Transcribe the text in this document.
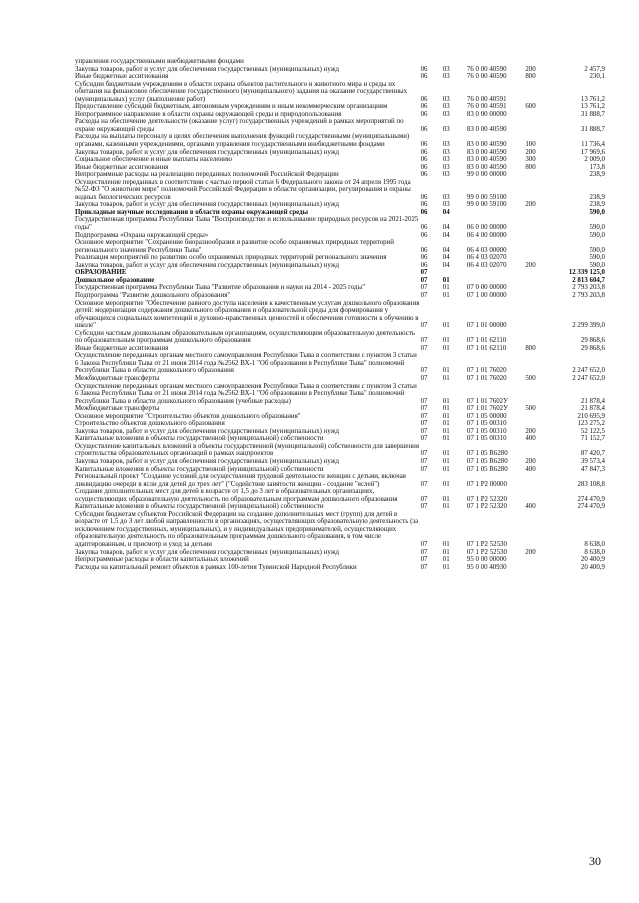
управления государственными внебюджетными фондами					
Закупка товаров, работ и услуг для обеспечения государственных (муниципальных) нужд	06	03	76 0 00 40590	200	2 457,9
Иные бюджетные ассигнования	06	03	76 0 00 40590	800	230,1
Субсидии бюджетным учреждениям в области охраны объектов растительного и животного мира и среды их обитания на финансовое обеспечение государственного (муниципального) задания на оказание государственных (муниципальных) услуг (выполнение работ)	06	03	76 0 00 40591		13 761,2
Предоставление субсидий бюджетным, автономным учреждениям и иным некоммерческим организациям	06	03	76 0 00 40591	600	13 761,2
Непрограммное направление в области охраны окружающей среды и природопользования	06	03	83 0 00 00000		31 888,7
Расходы на обеспечение деятельности (оказание услуг) государственных учреждений в рамках мероприятий по охране окружающей среды	06	03	83 0 00 40590		31 888,7
Расходы на выплаты персоналу в целях обеспечения выполнения функций государственными (муниципальными) органами, казенными учреждениями, органами управления государственными внебюджетными фондами	06	03	83 0 00 40590	100	11 736,4
Закупка товаров, работ и услуг для обеспечения государственных (муниципальных) нужд	06	03	83 0 00 40590	200	17 969,6
Социальное обеспечение и иные выплаты населению	06	03	83 0 00 40590	300	2 009,0
Иные бюджетные ассигнования	06	03	83 0 00 40590	800	173,8
Непрограммные расходы на реализацию переданных полномочий Российской Федерации	06	03	99 0 00 00000		238,9
Осуществление переданных в соответствии с частью первой статьи 6 Федерального закона от 24 апреля 1995 года №52-ФЗ "О животном мире" полномочий Российской Федерации в области организации, регулирования и охраны водных биологических ресурсов	06	03	99 0 00 59100		238,9
Закупка товаров, работ и услуг для обеспечения государственных (муниципальных) нужд	06	03	99 0 00 59100	200	238,9
Прикладные научные исследования в области охраны окружающей среды	06	04			590,0
Государственная программа Республики Тыва "Воспроизводство и использование природных ресурсов на 2021-2025 годы"	06	04	06 0 00 00000		590,0
Подпрограмма «Охрана окружающей среды»	06	04	06 4 00 00000		590,0
Основное мероприятие "Сохранение биоразнообразия и развитие особо охраняемых природных территорий регионального значения Республики Тыва"	06	04	06 4 03 00000		590,0
Реализация мероприятий по развитию особо охраняемых природных территорий регионального значения	06	04	06 4 03 02070		590,0
Закупка товаров, работ и услуг для обеспечения государственных (муниципальных) нужд	06	04	06 4 03 02070	200	590,0
ОБРАЗОВАНИЕ	07				12 339 125,0
Дошкольное образование	07	01			2 813 604,7
Государственная программа Республики Тыва "Развитие образования и науки на 2014 - 2025 годы"	07	01	07 0 00 00000		2 793 203,8
Подпрограмма "Развитие дошкольного образования"	07	01	07 1 00 00000		2 793 203,8
Основное мероприятие "Обеспечение равного доступа населения к качественным услугам дошкольного образования детей: модернизация содержания дошкольного образования и образовательной среды для формирования у обучающихся социальных компетенций и духовно-нравственных ценностей и обеспечения готовности к обучению в школе"	07	01	07 1 01 00000		2 299 399,0
Субсидии частным дошкольным образовательным организациям, осуществляющим образовательную деятельность по образовательным программам дошкольного образования	07	01	07 1 01 62110		29 868,6
Иные бюджетные ассигнования	07	01	07 1 01 62110	800	29 868,6
Осуществление переданных органам местного самоуправления Республики Тыва в соответствии с пунктом 3 статьи 6 Закона Республики Тыва от 21 июня 2014 года №2562 ВХ-1 "Об образовании в Республике Тыва" полномочий Республики Тыва в области дошкольного образования	07	01	07 1 01 76020		2 247 652,0
Межбюджетные трансферты	07	01	07 1 01 76020	500	2 247 652,0
Осуществление переданных органам местного самоуправления Республики Тыва в соответствии с пунктом 3 статьи 6 Закона Республики Тыва от 21 июня 2014 года №2562 ВХ-1 "Об образовании в Республике Тыва" полномочий Республики Тыва в области дошкольного образования (учебные расходы)	07	01	07 1 01 7602У		21 878,4
Межбюджетные трансферты	07	01	07 1 01 7602У	500	21 878,4
Основное мероприятие "Строительство объектов дошкольного образования"	07	01	07 1 05 00000		210 695,9
Строительство объектов дошкольного образования	07	01	07 1 05 00310		123 275,2
Закупка товаров, работ и услуг для обеспечения государственных (муниципальных) нужд	07	01	07 1 05 00310	200	52 122,5
Капитальные вложения в объекты государственной (муниципальной) собственности	07	01	07 1 05 00310	400	71 152,7
Осуществление капитальных вложений в объекты государственной (муниципальной) собственности для завершения строительства образовательных организаций в рамках нацпроектов	07	01	07 1 05 R6280		87 420,7
Закупка товаров, работ и услуг для обеспечения государственных (муниципальных) нужд	07	01	07 1 05 R6280	200	39 573,4
Капитальные вложения в объекты государственной (муниципальной) собственности	07	01	07 1 05 R6280	400	47 847,3
Региональный проект "Создание условий для осуществления трудовой деятельности женщин с детьми, включая ликвидацию очереди в ясли для детей до трех лет" ("Содействие занятости женщин - создание "яслей")	07	01	07 1 P2 00000		283 108,8
Создание дополнительных мест для детей в возрасте от 1,5 до 3 лет в образовательных организациях, осуществляющих образовательную деятельность по образовательным программам дошкольного образования	07	01	07 1 P2 52320		274 470,9
Капитальные вложения в объекты государственной (муниципальной) собственности	07	01	07 1 P2 52320	400	274 470,9
Субсидии бюджетам субъектов Российской Федерации на создание дополнительных мест (групп) для детей в возрасте от 1,5 до 3 лет любой направленности в организациях, осуществляющих образовательную деятельность (за исключением государственных, муниципальных), и у индивидуальных предпринимателей, осуществляющих образовательную деятельность по образовательным программам дошкольного образования, в том числе адаптированным, и присмотр и уход за детьми	07	01	07 1 P2 52530		8 638,0
Закупка товаров, работ и услуг для обеспечения государственных (муниципальных) нужд	07	01	07 1 P2 52530	200	8 638,0
Непрограммные расходы в области капитальных вложений	07	01	95 0 00 00000		20 400,9
Расходы на капитальный ремонт объектов в рамках 100-летия Тувинской Народной Республики	07	01	95 0 00 40930		20 400,9
30
